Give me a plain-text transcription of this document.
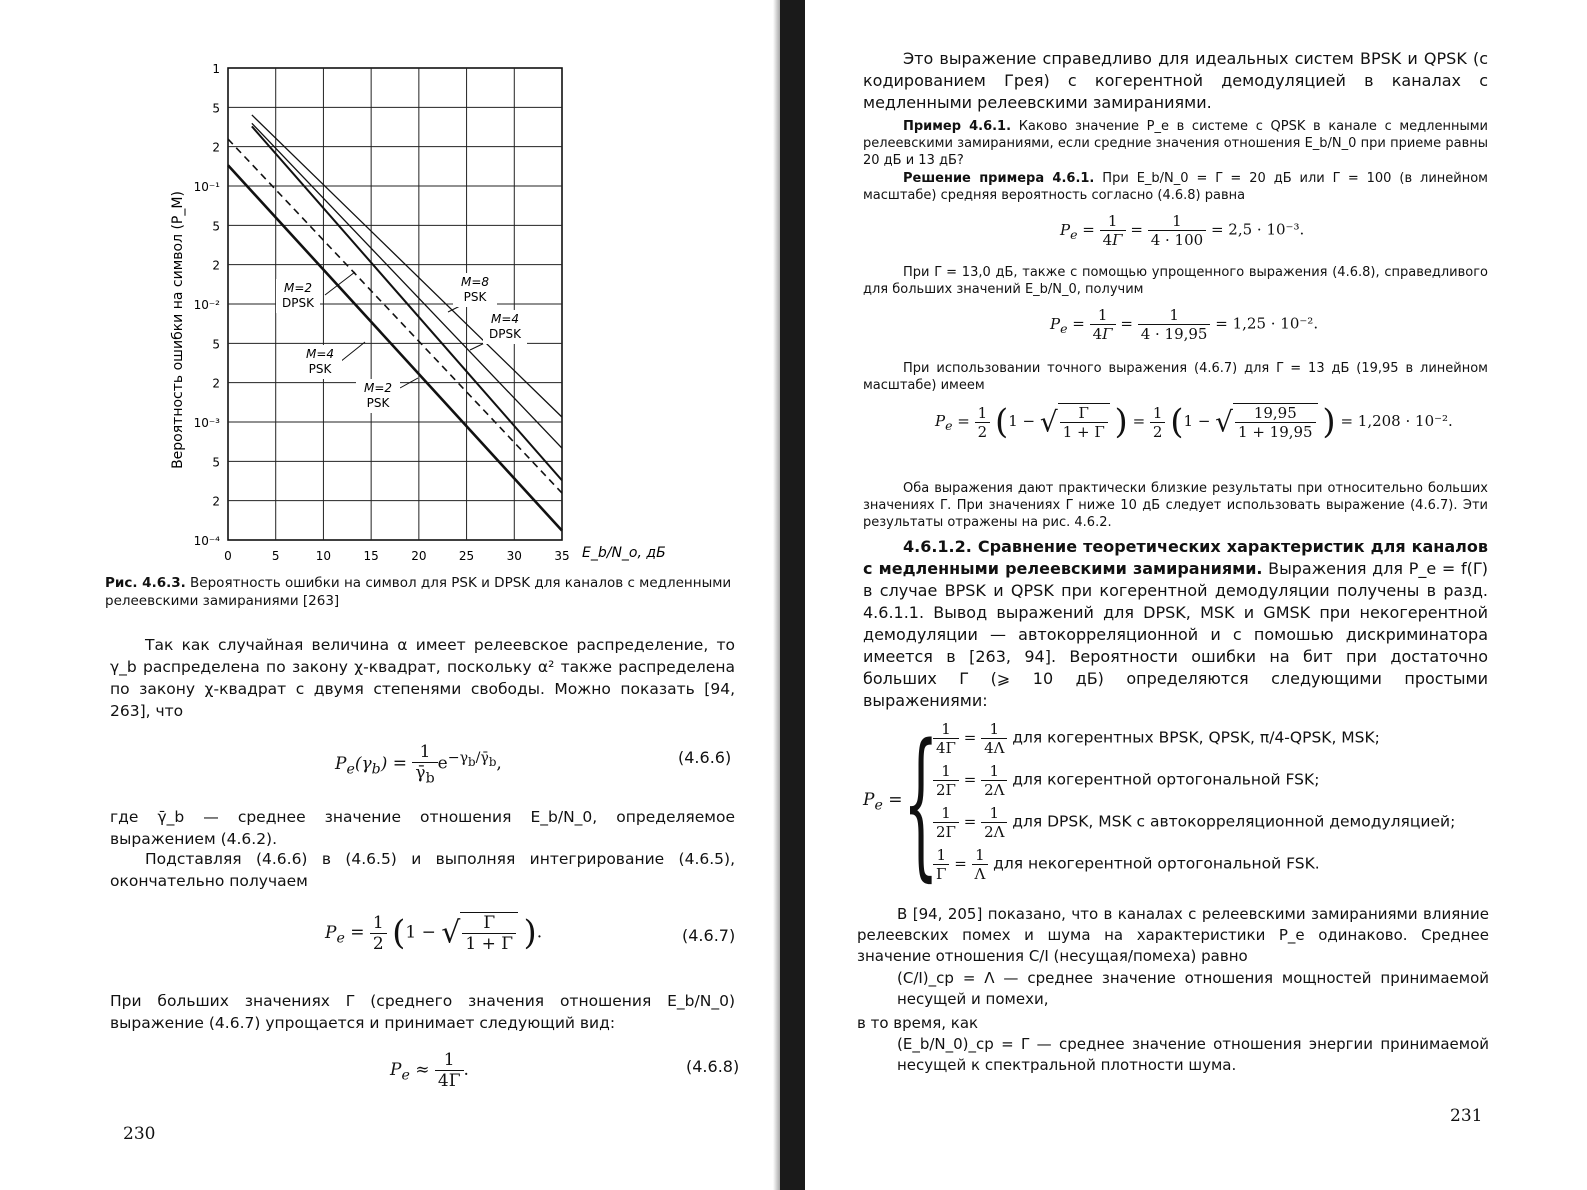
1
5
2
10⁻¹
5
2
10⁻²
5
2
10⁻³
5
2
10⁻⁴
0	5	10	15	20	25	30	35
M=2
DPSK
M=8
PSK
M=4
DPSK
M=4
PSK
M=2
PSK
Вероятность ошибки на символ (P_M)
E_b/N_o, дБ
Рис. 4.6.3. Вероятность ошибки на символ для PSK и DPSK для каналов с медленными релеевскими замираниями [263]
Так как случайная величина α имеет релеевское распределение, то γ_b распределена по закону χ-квадрат, поскольку α² также распределена по закону χ-квадрат с двумя степенями свободы. Можно показать [94, 263], что
$P_e(\gamma_b) = \frac{1}{\gammā_b} e^{-\gamma_b/\gammā_b}$,	(4.6.6)
где γ̄_b — среднее значение отношения E_b/N_0, определяемое выражением (4.6.2).
Подставляя (4.6.6) в (4.6.5) и выполняя интегрирование (4.6.5), окончательно получаем
$P_e = \frac{1}{2} (1$ − √ $\frac{\Gamma}{1 + \Gamma}$ ).	(4.6.7)
При больших значениях Γ (среднего значения отношения E_b/N_0) выражение (4.6.7) упрощается и принимает следующий вид:
$P_e \approx \frac{1}{4\Gamma}$ .	(4.6.8)
230
Это выражение справедливо для идеальных систем BPSK и QPSK (с кодированием Грея) с когерентной демодуляцией в каналах с медленными релеевскими замираниями.
Пример 4.6.1. Каково значение P_e в системе с QPSK в канале с медленными релеевскими замираниями, если средние значения отношения E_b/N_0 при приеме равны 20 дБ и 13 дБ?
Решение примера 4.6.1. При E_b/N_0 = Γ = 20 дБ или Γ = 100 (в линейном масштабе) средняя вероятность согласно (4.6.8) равна
$P_e = \frac{1}{4\Gamma} = \frac{1}{4 \cdot 100} = 2,5 \cdot 10^{-3}$.
При Γ = 13,0 дБ, также с помощью упрощенного выражения (4.6.8), справедливого для больших значений E_b/N_0, получим
$P_e = \frac{1}{4\Gamma} = \frac{1}{4 \cdot 19,95} = 1,25 \cdot 10^{-2}$.
При использовании точного выражения (4.6.7) для Γ = 13 дБ (19,95 в линейном масштабе) имеем
$P_e = \frac{1}{2} (1$ − √ $\frac{\Gamma}{1 + \Gamma}$ ) = $\frac{1}{2} (1$ − √ $\frac{19,95}{1 + 19,95}$ ) = 1,208 · 10⁻².
Оба выражения дают практически близкие результаты при относительно больших значениях Γ. При значениях Γ ниже 10 дБ следует использовать выражение (4.6.7). Эти результаты отражены на рис. 4.6.2.
4.6.1.2. Сравнение теоретических характеристик для каналов с медленными релеевскими замираниями. Выражения для P_e = f(Γ) в случае BPSK и QPSK при когерентной демодуляции получены в разд. 4.6.1.1. Вывод выражений для DPSK, MSK и GMSK при некогерентной демодуляции — автокорреляционной и с помошью дискриминатора имеется в [263, 94]. Вероятности ошибки на бит при достаточно больших Γ (⩾ 10 дБ) определяются следующими простыми выражениями:
$P_e$ = {
$\frac{1}{4\Gamma} = \frac{1}{4\Lambda}$ для когерентных BPSK, QPSK, π/4-QPSK, MSK;
$\frac{1}{2\Gamma} = \frac{1}{2\Lambda}$ для когерентной ортогональной FSK;
$\frac{1}{2\Gamma} = \frac{1}{2\Lambda}$ для DPSK, MSK с автокорреляционной демодуляцией;
$\frac{1}{\Gamma} = \frac{1}{\Lambda}$ для некогерентной ортогональной FSK.
В [94, 205] показано, что в каналах с релеевскими замираниями влияние релеевских помех и шума на характеристики P_e одинаково. Среднее значение отношения C/I (несущая/помеха) равно
(C/I)_ср = Λ — среднее значение отношения мощностей принимаемой несущей и помехи,
в то время, как
(E_b/N_0)_ср = Γ — среднее значение отношения энергии принимаемой несущей к спектральной плотности шума.
231
